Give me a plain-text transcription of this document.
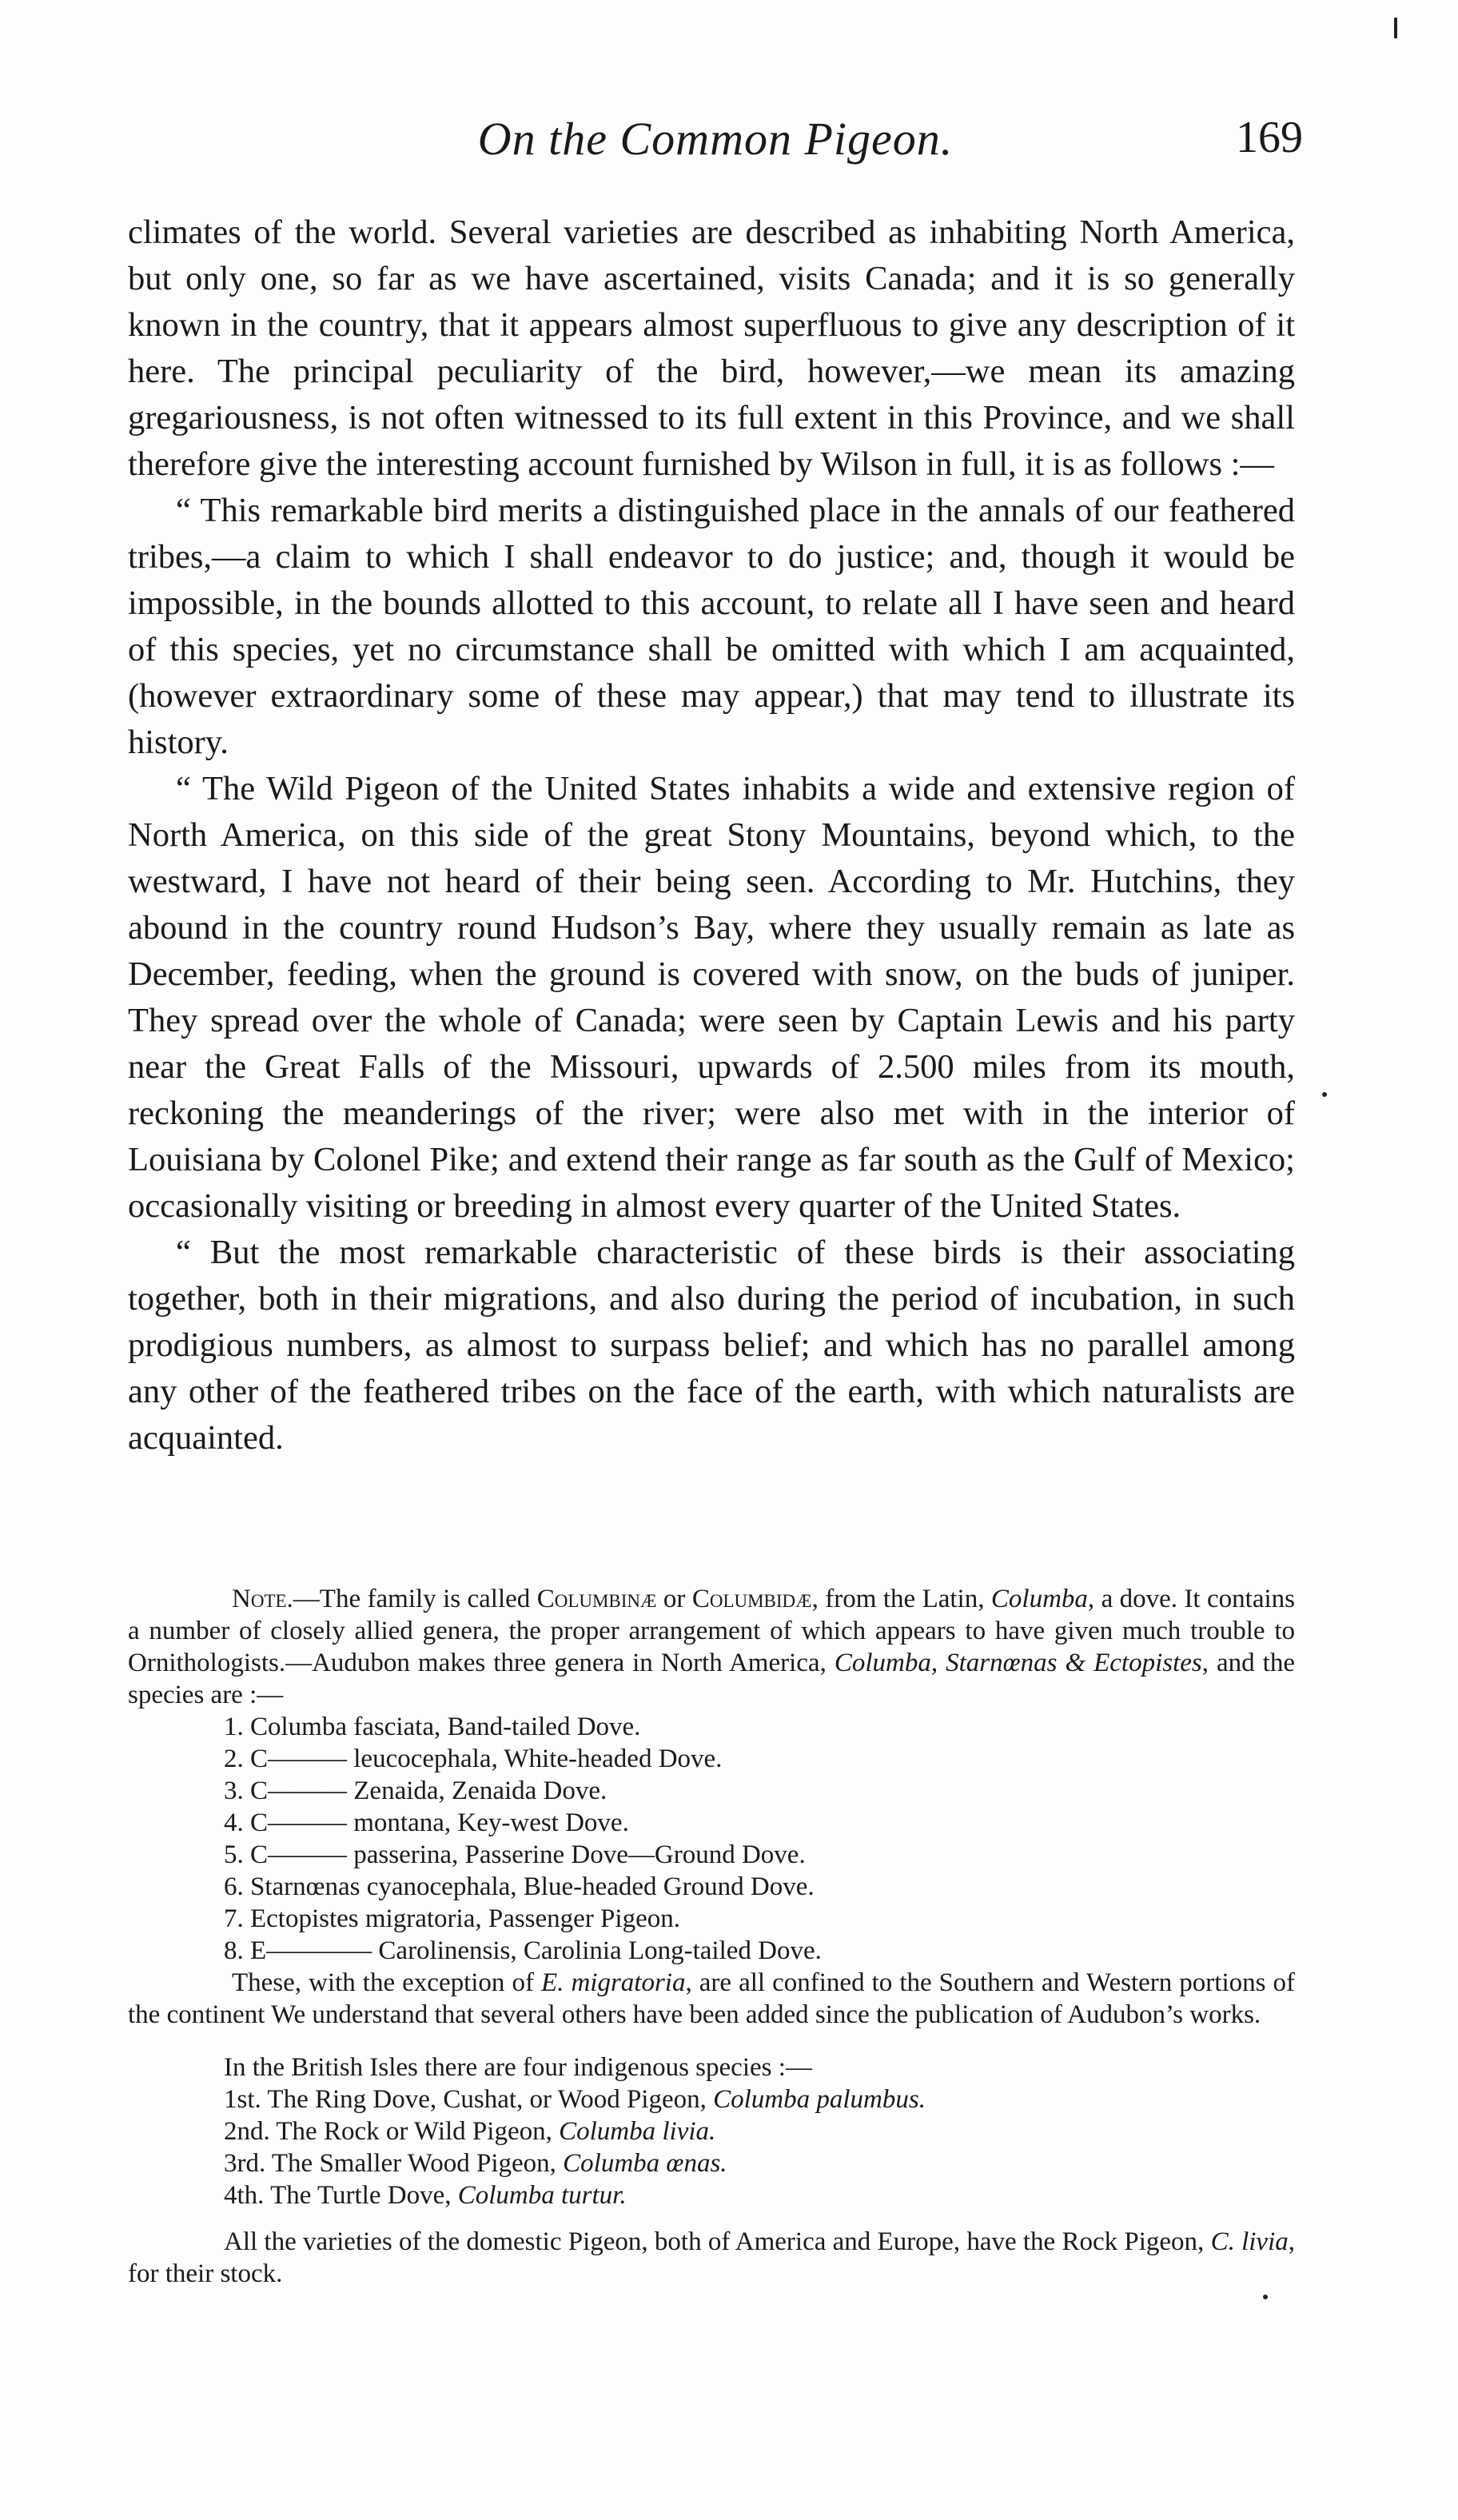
On the Common Pigeon.	169

climates of the world. Several varieties are described as inhabiting North America, but only one, so far as we have ascertained, visits Canada; and it is so generally known in the country, that it appears almost superfluous to give any description of it here. The principal peculiarity of the bird, however,—we mean its amazing gregariousness, is not often witnessed to its full extent in this Province, and we shall therefore give the interesting account furnished by Wilson in full, it is as follows :—

“ This remarkable bird merits a distinguished place in the annals of our feathered tribes,—a claim to which I shall endeavor to do justice; and, though it would be impossible, in the bounds allotted to this account, to relate all I have seen and heard of this species, yet no circumstance shall be omitted with which I am acquainted, (however extraordinary some of these may appear,) that may tend to illustrate its history.

“ The Wild Pigeon of the United States inhabits a wide and extensive region of North America, on this side of the great Stony Mountains, beyond which, to the westward, I have not heard of their being seen. According to Mr. Hutchins, they abound in the country round Hudson’s Bay, where they usually remain as late as December, feeding, when the ground is covered with snow, on the buds of juniper. They spread over the whole of Canada; were seen by Captain Lewis and his party near the Great Falls of the Missouri, upwards of 2.500 miles from its mouth, reckoning the meanderings of the river; were also met with in the interior of Louisiana by Colonel Pike; and extend their range as far south as the Gulf of Mexico; occasionally visiting or breeding in almost every quarter of the United States.

“ But the most remarkable characteristic of these birds is their associating together, both in their migrations, and also during the period of incubation, in such prodigious numbers, as almost to surpass belief; and which has no parallel among any other of the feathered tribes on the face of the earth, with which naturalists are acquainted.

Note.—The family is called Columbinæ or Columbidæ, from the Latin, Columba, a dove. It contains a number of closely allied genera, the proper arrangement of which appears to have given much trouble to Ornithologists.—Audubon makes three genera in North America, Columba, Starnœnas & Ectopistes, and the species are :—

1. Columba fasciata, Band-tailed Dove.
2. C——— leucocephala, White-headed Dove.
3. C——— Zenaida, Zenaida Dove.
4. C——— montana, Key-west Dove.
5. C——— passerina, Passerine Dove—Ground Dove.
6. Starnœnas cyanocephala, Blue-headed Ground Dove.
7. Ectopistes migratoria, Passenger Pigeon.
8. E———— Carolinensis, Carolinia Long-tailed Dove.

These, with the exception of E. migratoria, are all confined to the Southern and Western portions of the continent We understand that several others have been added since the publication of Audubon’s works.

In the British Isles there are four indigenous species :—

1st. The Ring Dove, Cushat, or Wood Pigeon, Columba palumbus.
2nd. The Rock or Wild Pigeon, Columba livia.
3rd. The Smaller Wood Pigeon, Columba œnas.
4th. The Turtle Dove, Columba turtur.

All the varieties of the domestic Pigeon, both of America and Europe, have the Rock Pigeon, C. livia, for their stock.
